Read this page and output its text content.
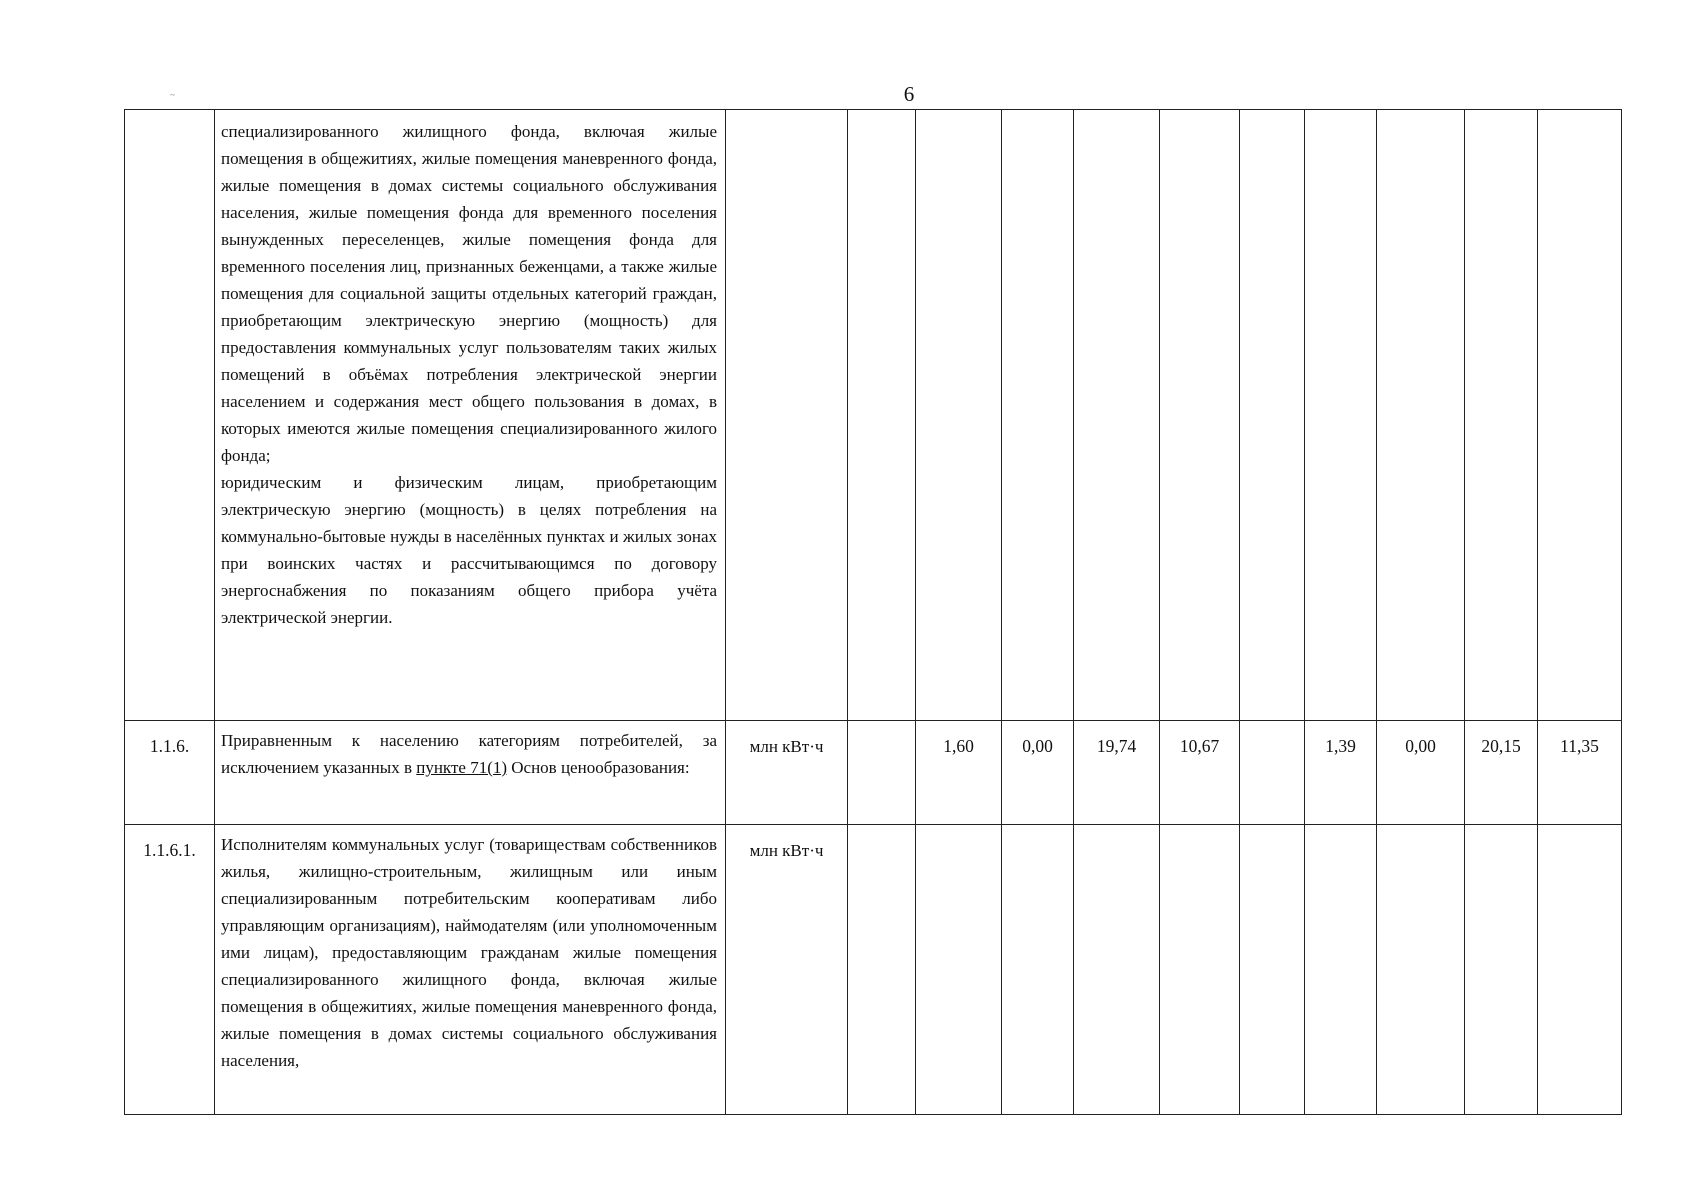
~	6

	специализированного жилищного фонда, включая жилые помещения в общежитиях, жилые помещения маневренного фонда, жилые помещения в домах системы социального обслуживания населения, жилые помещения фонда для временного поселения вынужденных переселенцев, жилые помещения фонда для временного поселения лиц, признанных беженцами, а также жилые помещения для социальной защиты отдельных категорий граждан, приобретающим электрическую энергию (мощность) для предоставления коммунальных услуг пользователям таких жилых помещений в объёмах потребления электрической энергии населением и содержания мест общего пользования в домах, в которых имеются жилые помещения специализированного жилого фонда;
юридическим и физическим лицам, приобретающим электрическую энергию (мощность) в целях потребления на коммунально-бытовые нужды в населённых пунктах и жилых зонах при воинских частях и рассчитывающимся по договору энергоснабжения по показаниям общего прибора учёта электрической энергии.											

1.1.6.	Приравненным к населению категориям потребителей, за исключением указанных в пункте 71(1) Основ ценообразования:	млн кВт·ч		1,60	0,00	19,74	10,67		1,39	0,00	20,15	11,35
1.1.6.1.	Исполнителям коммунальных услуг (товариществам собственников жилья, жилищно-строительным, жилищным или иным специализированным потребительским кооперативам либо управляющим организациям), наймодателям (или уполномоченным ими лицам), предоставляющим гражданам жилые помещения специализированного жилищного фонда, включая жилые помещения в общежитиях, жилые помещения маневренного фонда, жилые помещения в домах системы социального обслуживания населения,	млн кВт·ч										
